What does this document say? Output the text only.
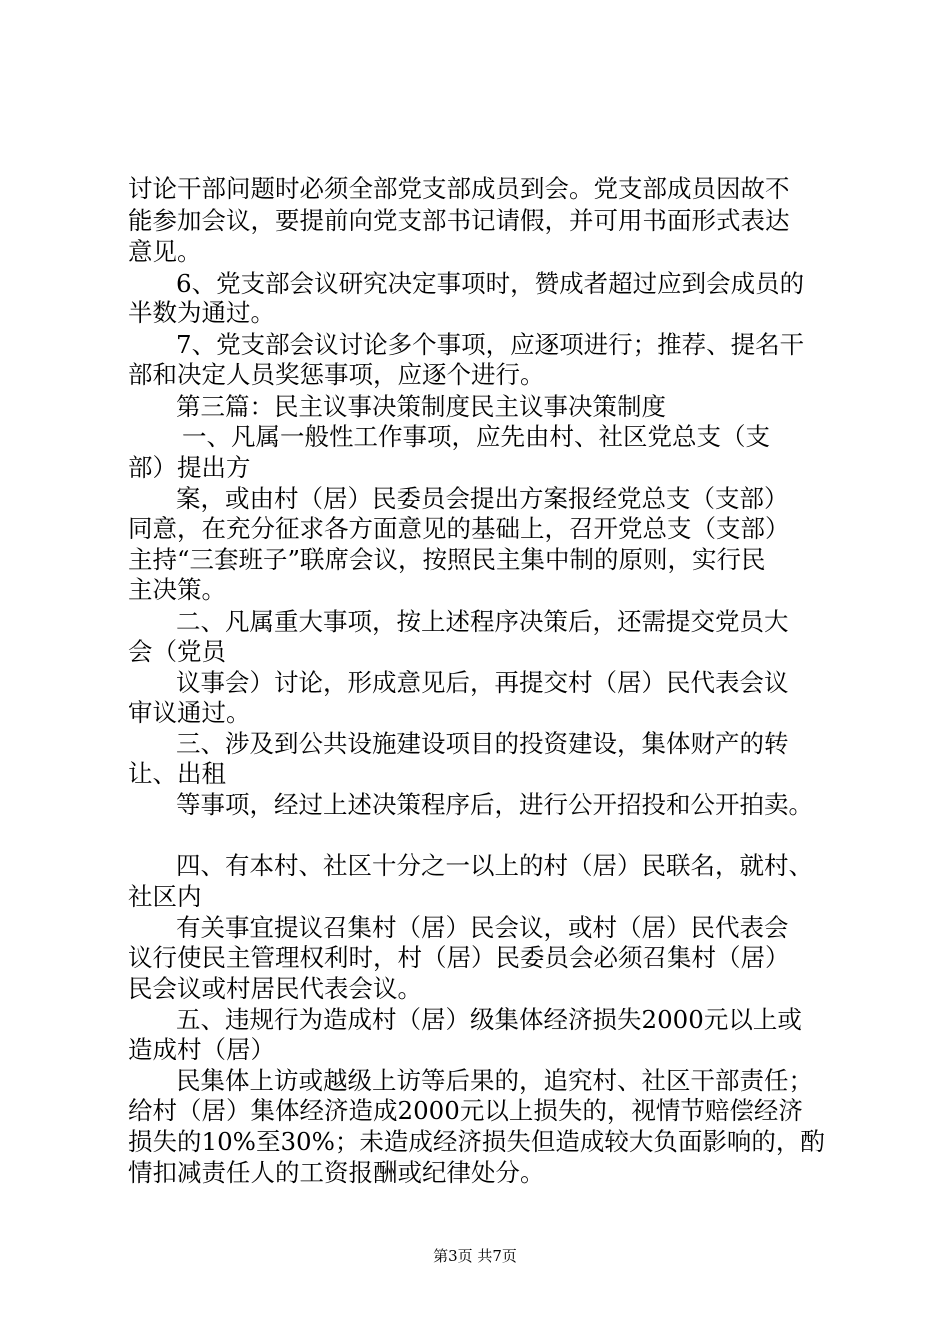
讨论干部问题时必须全部党支部成员到会。党支部成员因故不
能参加会议，要提前向党支部书记请假，并可用书面形式表达
意见。
6、党支部会议研究决定事项时，赞成者超过应到会成员的
半数为通过。
7、党支部会议讨论多个事项，应逐项进行；推荐、提名干
部和决定人员奖惩事项，应逐个进行。
第三篇：民主议事决策制度民主议事决策制度
一、凡属一般性工作事项，应先由村、社区党总支（支
部）提出方
案，或由村（居）民委员会提出方案报经党总支（支部）
同意，在充分征求各方面意见的基础上，召开党总支（支部）
主持“三套班子”联席会议，按照民主集中制的原则，实行民
主决策。
二、凡属重大事项，按上述程序决策后，还需提交党员大
会（党员
议事会）讨论，形成意见后，再提交村（居）民代表会议
审议通过。
三、涉及到公共设施建设项目的投资建设，集体财产的转
让、出租
等事项，经过上述决策程序后，进行公开招投和公开拍卖。
四、有本村、社区十分之一以上的村（居）民联名，就村、
社区内
有关事宜提议召集村（居）民会议，或村（居）民代表会
议行使民主管理权利时，村（居）民委员会必须召集村（居）
民会议或村居民代表会议。
五、违规行为造成村（居）级集体经济损失2000元以上或
造成村（居）
民集体上访或越级上访等后果的，追究村、社区干部责任；
给村（居）集体经济造成2000元以上损失的，视情节赔偿经济
损失的10%至30%；未造成经济损失但造成较大负面影响的，酌
情扣减责任人的工资报酬或纪律处分。
第3页 共7页
